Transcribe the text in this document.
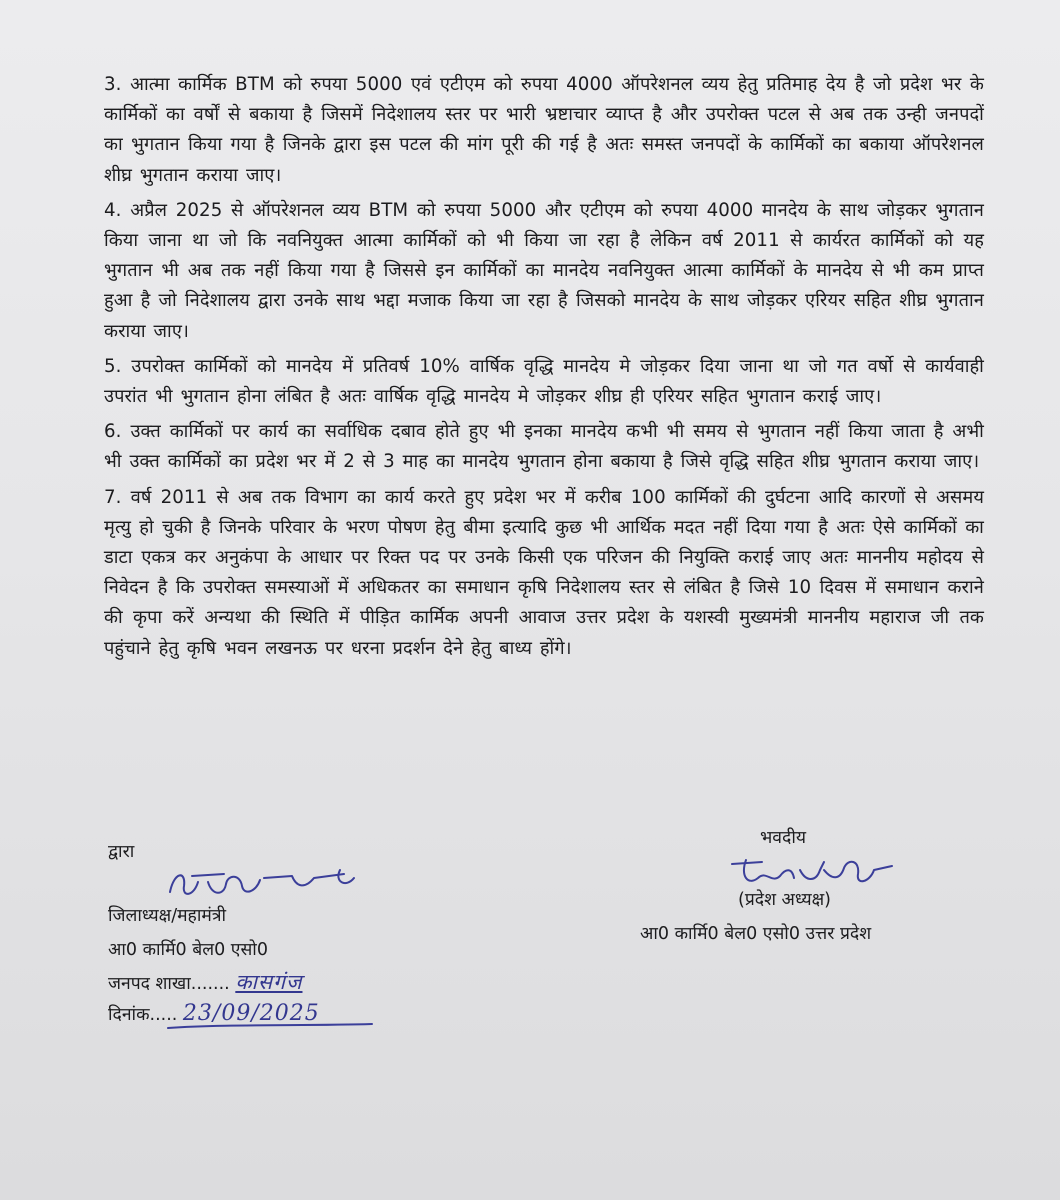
3. आत्मा कार्मिक BTM को रुपया 5000 एवं एटीएम को रुपया 4000 ऑपरेशनल व्यय हेतु प्रतिमाह देय है जो प्रदेश भर के कार्मिकों का वर्षों से बकाया है जिसमें निदेशालय स्तर पर भारी भ्रष्टाचार व्याप्त है और उपरोक्त पटल से अब तक उन्ही जनपदों का भुगतान किया गया है जिनके द्वारा इस पटल की मांग पूरी की गई है अतः समस्त जनपदों के कार्मिकों का बकाया ऑपरेशनल शीघ्र भुगतान कराया जाए।

4. अप्रैल 2025 से ऑपरेशनल व्यय BTM को रुपया 5000 और एटीएम को रुपया 4000 मानदेय के साथ जोड़कर भुगतान किया जाना था जो कि नवनियुक्त आत्मा कार्मिकों को भी किया जा रहा है लेकिन वर्ष 2011 से कार्यरत कार्मिकों को यह भुगतान भी अब तक नहीं किया गया है जिससे इन कार्मिकों का मानदेय नवनियुक्त आत्मा कार्मिकों के मानदेय से भी कम प्राप्त हुआ है जो निदेशालय द्वारा उनके साथ भद्दा मजाक किया जा रहा है जिसको मानदेय के साथ जोड़कर एरियर सहित शीघ्र भुगतान कराया जाए।

5. उपरोक्त कार्मिकों को मानदेय में प्रतिवर्ष 10% वार्षिक वृद्धि मानदेय मे जोड़कर दिया जाना था जो गत वर्षो से कार्यवाही उपरांत भी भुगतान होना लंबित है अतः वार्षिक वृद्धि मानदेय मे जोड़कर शीघ्र ही एरियर सहित भुगतान कराई जाए।

6. उक्त कार्मिकों पर कार्य का सर्वाधिक दबाव होते हुए भी इनका मानदेय कभी भी समय से भुगतान नहीं किया जाता है अभी भी उक्त कार्मिकों का प्रदेश भर में 2 से 3 माह का मानदेय भुगतान होना बकाया है जिसे वृद्धि सहित शीघ्र भुगतान कराया जाए।

7. वर्ष 2011 से अब तक विभाग का कार्य करते हुए प्रदेश भर में करीब 100 कार्मिकों की दुर्घटना आदि कारणों से असमय मृत्यु हो चुकी है जिनके परिवार के भरण पोषण हेतु बीमा इत्यादि कुछ भी आर्थिक मदत नहीं दिया गया है अतः ऐसे कार्मिकों का डाटा एकत्र कर अनुकंपा के आधार पर रिक्त पद पर उनके किसी एक परिजन की नियुक्ति कराई जाए अतः माननीय महोदय से निवेदन है कि उपरोक्त समस्याओं में अधिकतर का समाधान कृषि निदेशालय स्तर से लंबित है जिसे 10 दिवस में समाधान कराने की कृपा करें अन्यथा की स्थिति में पीड़ित कार्मिक अपनी आवाज उत्तर प्रदेश के यशस्वी मुख्यमंत्री माननीय महाराज जी तक पहुंचाने हेतु कृषि भवन लखनऊ पर धरना प्रदर्शन देने हेतु बाध्य होंगे।

द्वारा
जिलाध्यक्ष/महामंत्री
आ0 कार्मि0 बेल0 एसो0
जनपद शाखा....... कासगंज
दिनांक..... 23/09/2025
भवदीय
(प्रदेश अध्यक्ष)
आ0 कार्मि0 बेल0 एसो0 उत्तर प्रदेश
